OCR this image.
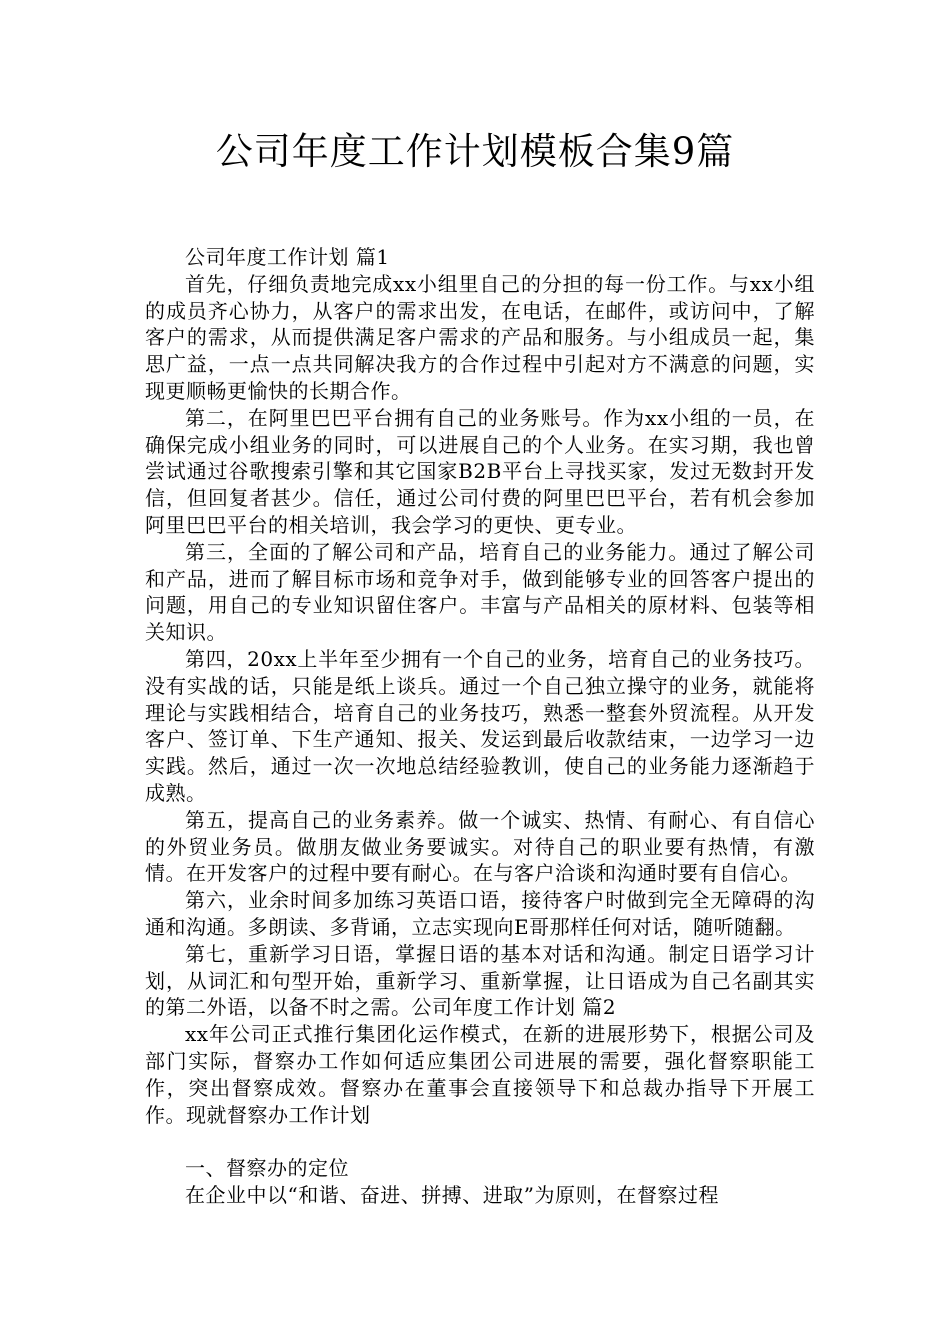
公司年度工作计划模板合集9篇

公司年度工作计划 篇1

首先，仔细负责地完成xx小组里自己的分担的每一份工作。与xx小组的成员齐心协力，从客户的需求出发，在电话，在邮件，或访问中，了解客户的需求，从而提供满足客户需求的产品和服务。与小组成员一起，集思广益，一点一点共同解决我方的合作过程中引起对方不满意的问题，实现更顺畅更愉快的长期合作。

第二，在阿里巴巴平台拥有自己的业务账号。作为xx小组的一员，在确保完成小组业务的同时，可以进展自己的个人业务。在实习期，我也曾尝试通过谷歌搜索引擎和其它国家B2B平台上寻找买家，发过无数封开发信，但回复者甚少。信任，通过公司付费的阿里巴巴平台，若有机会参加阿里巴巴平台的相关培训，我会学习的更快、更专业。

第三，全面的了解公司和产品，培育自己的业务能力。通过了解公司和产品，进而了解目标市场和竞争对手，做到能够专业的回答客户提出的问题，用自己的专业知识留住客户。丰富与产品相关的原材料、包装等相关知识。

第四，20xx上半年至少拥有一个自己的业务，培育自己的业务技巧。没有实战的话，只能是纸上谈兵。通过一个自己独立操守的业务，就能将理论与实践相结合，培育自己的业务技巧，熟悉一整套外贸流程。从开发客户、签订单、下生产通知、报关、发运到最后收款结束，一边学习一边实践。然后，通过一次一次地总结经验教训，使自己的业务能力逐渐趋于成熟。

第五，提高自己的业务素养。做一个诚实、热情、有耐心、有自信心的外贸业务员。做朋友做业务要诚实。对待自己的职业要有热情，有激情。在开发客户的过程中要有耐心。在与客户洽谈和沟通时要有自信心。

第六，业余时间多加练习英语口语，接待客户时做到完全无障碍的沟通和沟通。多朗读、多背诵，立志实现向E哥那样任何对话，随听随翻。

第七，重新学习日语，掌握日语的基本对话和沟通。制定日语学习计划，从词汇和句型开始，重新学习、重新掌握，让日语成为自己名副其实的第二外语，以备不时之需。公司年度工作计划 篇2

xx年公司正式推行集团化运作模式，在新的进展形势下，根据公司及部门实际，督察办工作如何适应集团公司进展的需要，强化督察职能工作，突出督察成效。督察办在董事会直接领导下和总裁办指导下开展工作。现就督察办工作计划

一、督察办的定位

在企业中以“和谐、奋进、拼搏、进取”为原则，在督察过程
